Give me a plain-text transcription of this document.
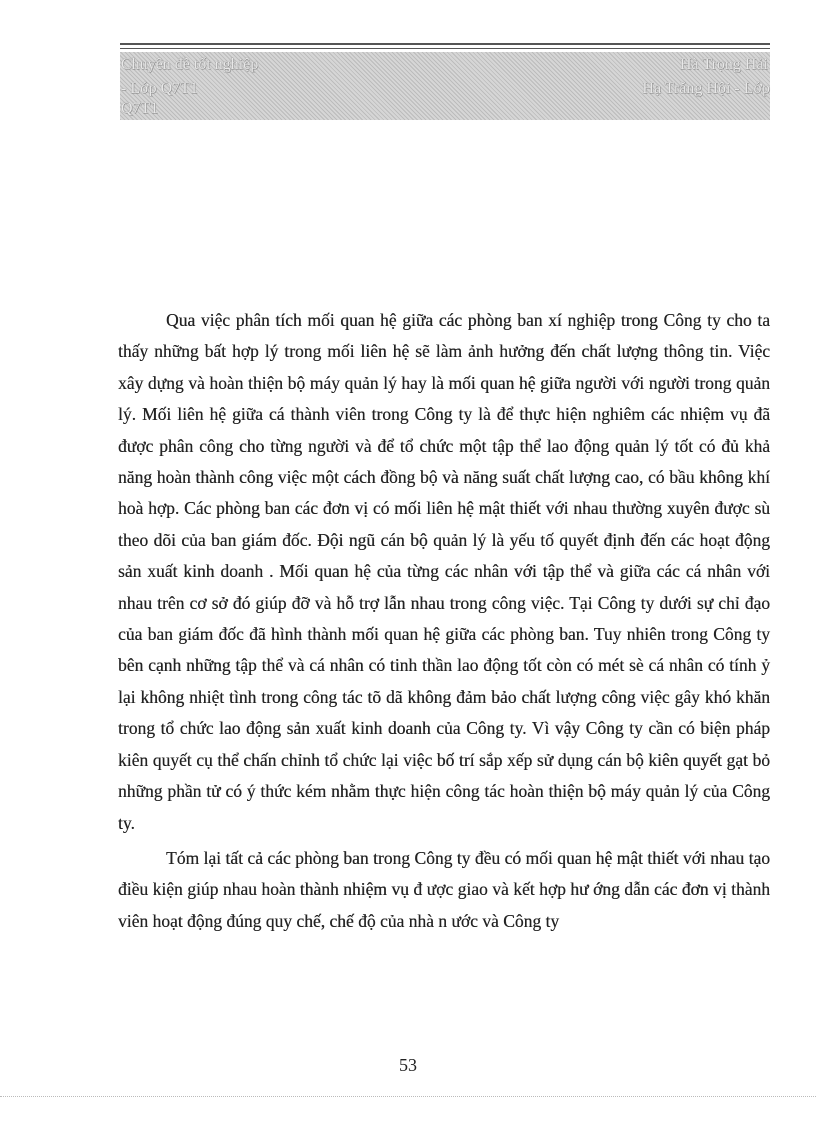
Chuyên đề tốt nghiệp
- Lớp Q7T1
Q7T1
Hà Trọng Hải
Hạ Trăng Hội - Lớp

Qua việc phân tích mối quan hệ giữa các phòng ban xí nghiệp trong Công ty cho ta thấy những bất hợp lý trong mối liên hệ sẽ làm ảnh hưởng đến chất lượng thông tin. Việc xây dựng và hoàn thiện bộ máy quản lý hay là mối quan hệ giữa người với người trong quản lý. Mối liên hệ giữa cá thành viên trong Công ty là để thực hiện nghiêm các nhiệm vụ đã được phân công cho từng người và để tổ chức một tập thể lao động quản lý tốt có đủ khả năng hoàn thành công việc một cách đồng bộ và năng suất chất lượng cao, có bầu không khí hoà hợp. Các phòng ban các đơn vị có mối liên hệ mật thiết với nhau thường xuyên được sù theo dõi của ban giám đốc. Đội ngũ cán bộ quản lý là yếu tố quyết định đến các hoạt động sản xuất kinh doanh . Mối quan hệ của từng các nhân với tập thể và giữa các cá nhân với nhau trên cơ sở đó giúp đỡ và hỗ trợ lẫn nhau trong công việc. Tại Công ty dưới sự chỉ đạo của ban giám đốc đã hình thành mối quan hệ giữa các phòng ban. Tuy nhiên trong Công ty bên cạnh những tập thể và cá nhân có tinh thần lao động tốt còn có mét sè cá nhân có tính ỷ lại không nhiệt tình trong công tác tõ dã không đảm bảo chất lượng công việc gây khó khăn trong tổ chức lao động sản xuất kinh doanh của Công ty. Vì vậy Công ty cần có biện pháp kiên quyết cụ thể chấn chỉnh tổ chức lại việc bố trí sắp xếp sử dụng cán bộ kiên quyết gạt bỏ những phần tử có ý thức kém nhằm thực hiện công tác hoàn thiện bộ máy quản lý của Công ty.

Tóm lại tất cả các phòng ban trong Công ty đều có mối quan hệ mật thiết với nhau tạo điều kiện giúp nhau hoàn thành nhiệm vụ đ ược giao và kết hợp hư ớng dẫn các đơn vị thành viên hoạt động đúng quy chế, chế độ của nhà n ước và Công ty

53
